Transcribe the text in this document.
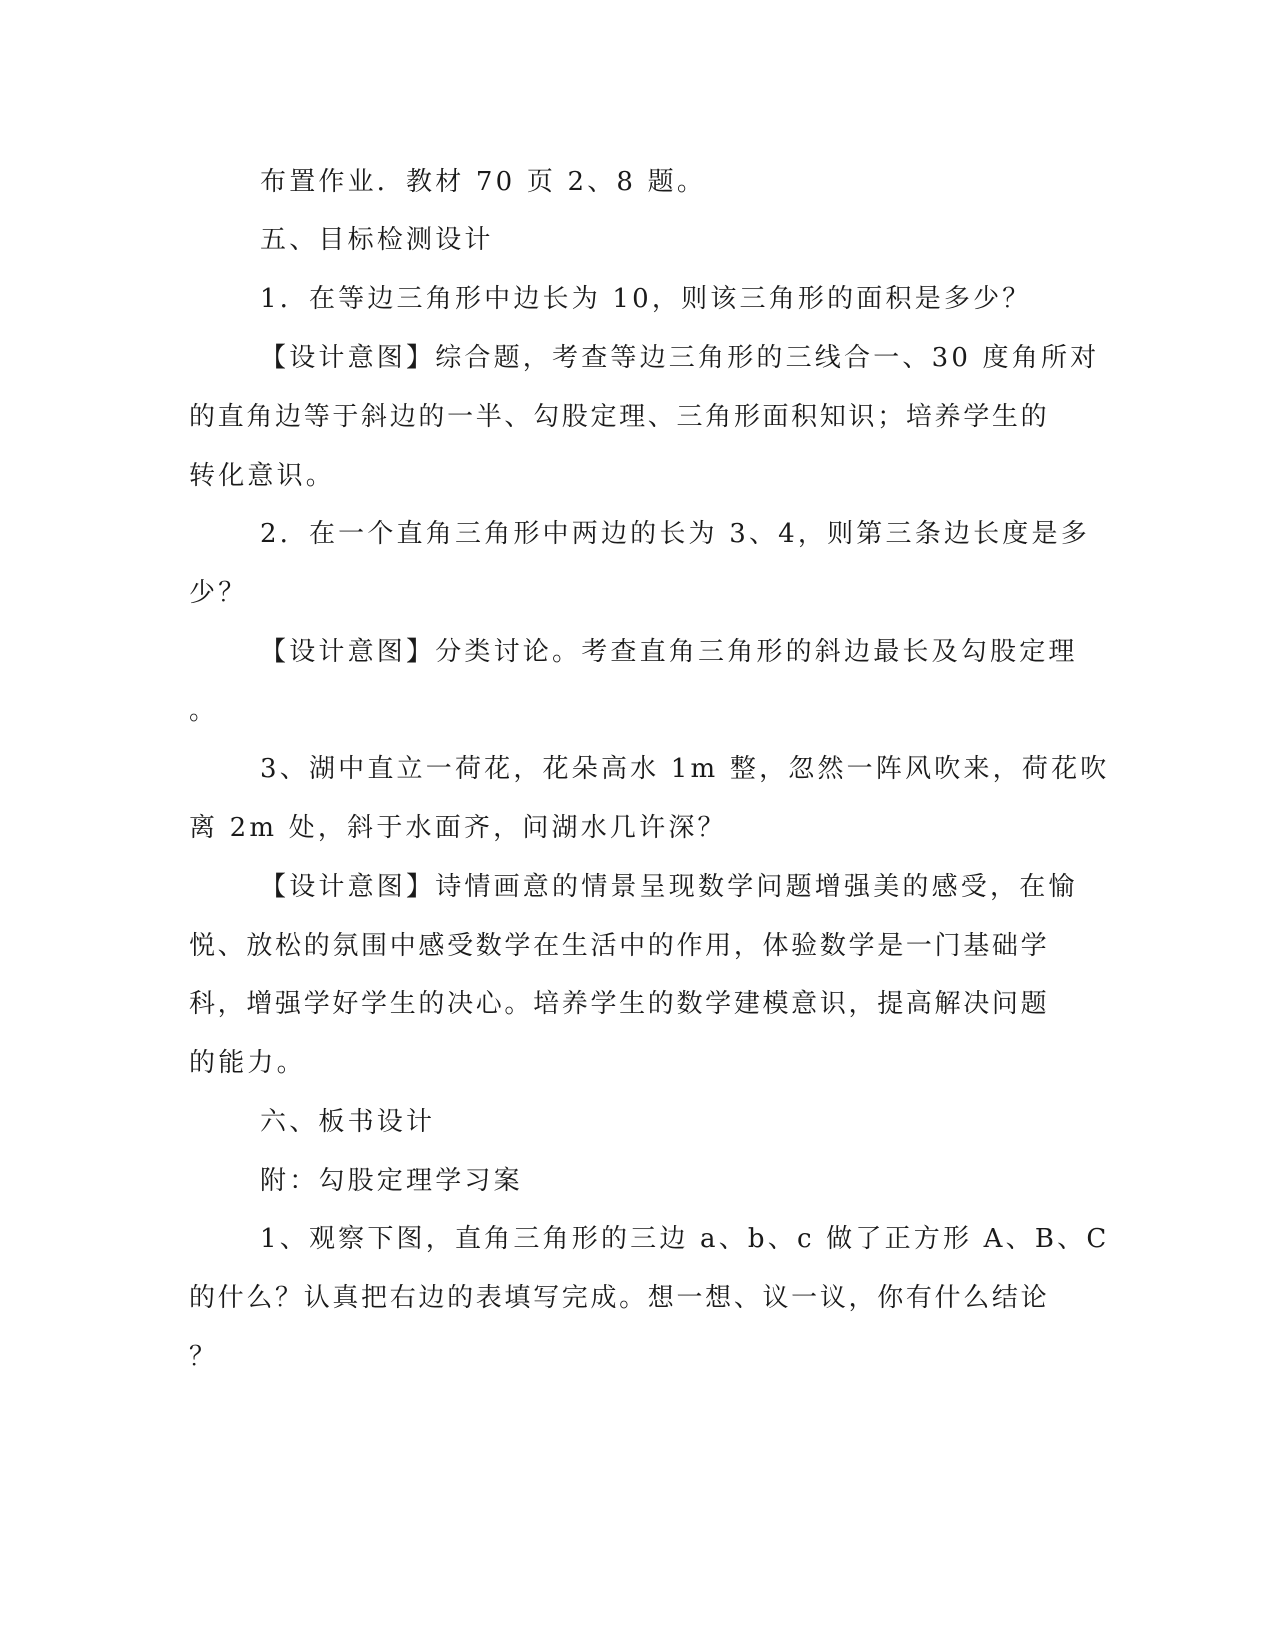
布置作业．教材 70 页 2、8 题。

五、目标检测设计

1．在等边三角形中边长为 10，则该三角形的面积是多少？

【设计意图】综合题，考查等边三角形的三线合一、30 度角所对

的直角边等于斜边的一半、勾股定理、三角形面积知识；培养学生的

转化意识。

2．在一个直角三角形中两边的长为 3、4，则第三条边长度是多

少？

【设计意图】分类讨论。考查直角三角形的斜边最长及勾股定理

。

3、湖中直立一荷花，花朵高水 1m 整，忽然一阵风吹来，荷花吹

离 2m 处，斜于水面齐，问湖水几许深？

【设计意图】诗情画意的情景呈现数学问题增强美的感受，在愉

悦、放松的氛围中感受数学在生活中的作用，体验数学是一门基础学

科，增强学好学生的决心。培养学生的数学建模意识，提高解决问题

的能力。

六、板书设计

附：勾股定理学习案

1、观察下图，直角三角形的三边 a、b、c 做了正方形 A、B、C

的什么？认真把右边的表填写完成。想一想、议一议，你有什么结论

？
